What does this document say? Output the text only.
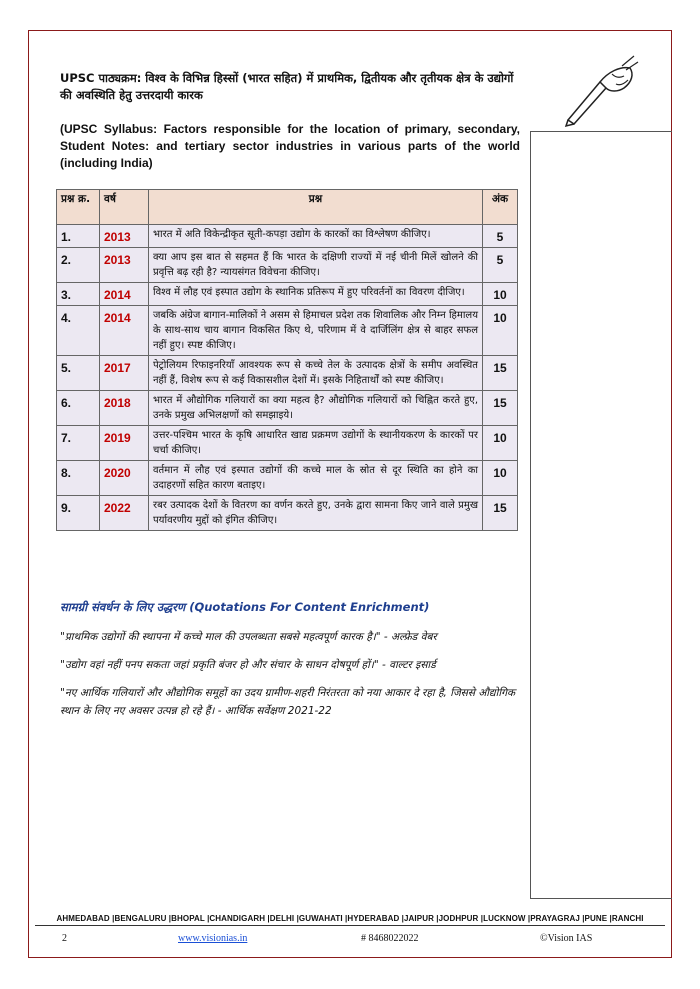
UPSC पाठ्यक्रम: विश्व के विभिन्न हिस्सों (भारत सहित) में प्राथमिक, द्वितीयक और तृतीयक क्षेत्र के उद्योगों की अवस्थिति हेतु उत्तरदायी कारक
(UPSC Syllabus: Factors responsible for the location of primary, secondary, Student Notes: and tertiary sector industries in various parts of the world (including India)
प्रश्न क्र.	वर्ष	प्रश्न	अंक
1.	2013	भारत में अति विकेन्द्रीकृत सूती-कपड़ा उद्योग के कारकों का विश्लेषण कीजिए।	5
2.	2013	क्या आप इस बात से सहमत हैं कि भारत के दक्षिणी राज्यों में नई चीनी मिलें खोलने की प्रवृत्ति बढ़ रही है? न्यायसंगत विवेचना कीजिए।	5
3.	2014	विश्व में लौह एवं इस्पात उद्योग के स्थानिक प्रतिरूप में हुए परिवर्तनों का विवरण दीजिए।	10
4.	2014	जबकि अंग्रेज बागान-मालिकों ने असम से हिमाचल प्रदेश तक शिवालिक और निम्न हिमालय के साथ-साथ चाय बागान विकसित किए थे, परिणाम में वे दार्जिलिंग क्षेत्र से बाहर सफल नहीं हुए। स्पष्ट कीजिए।	10
5.	2017	पेट्रोलियम रिफाइनरियाँ आवश्यक रूप से कच्चे तेल के उत्पादक क्षेत्रों के समीप अवस्थित नहीं हैं, विशेष रूप से कई विकासशील देशों में। इसके निहितार्थों को स्पष्ट कीजिए।	15
6.	2018	भारत में औद्योगिक गलियारों का क्या महत्व है? औद्योगिक गलियारों को चिह्नित करते हुए, उनके प्रमुख अभिलक्षणों को समझाइये।	15
7.	2019	उत्तर-पश्चिम भारत के कृषि आधारित खाद्य प्रक्रमण उद्योगों के स्थानीयकरण के कारकों पर चर्चा कीजिए।	10
8.	2020	वर्तमान में लौह एवं इस्पात उद्योगों की कच्चे माल के स्रोत से दूर स्थिति का होने का उदाहरणों सहित कारण बताइए।	10
9.	2022	रबर उत्पादक देशों के वितरण का वर्णन करते हुए, उनके द्वारा सामना किए जाने वाले प्रमुख पर्यावरणीय मुद्दों को इंगित कीजिए।	15
सामग्री संवर्धन के लिए उद्धरण (Quotations For Content Enrichment)
"प्राथमिक उद्योगों की स्थापना में कच्चे माल की उपलब्धता सबसे महत्वपूर्ण कारक है।" - अल्फ्रेड वेबर
"उद्योग वहां नहीं पनप सकता जहां प्रकृति बंजर हो और संचार के साधन दोषपूर्ण हों।" - वाल्टर इसार्ड
"नए आर्थिक गलियारों और औद्योगिक समूहों का उदय ग्रामीण-शहरी निरंतरता को नया आकार दे रहा है, जिससे औद्योगिक स्थान के लिए नए अवसर उत्पन्न हो रहे हैं। - आर्थिक सर्वेक्षण 2021-22
AHMEDABAD |BENGALURU |BHOPAL |CHANDIGARH |DELHI |GUWAHATI |HYDERABAD |JAIPUR |JODHPUR |LUCKNOW |PRAYAGRAJ |PUNE |RANCHI
2	www.visionias.in	# 8468022022	©Vision IAS
